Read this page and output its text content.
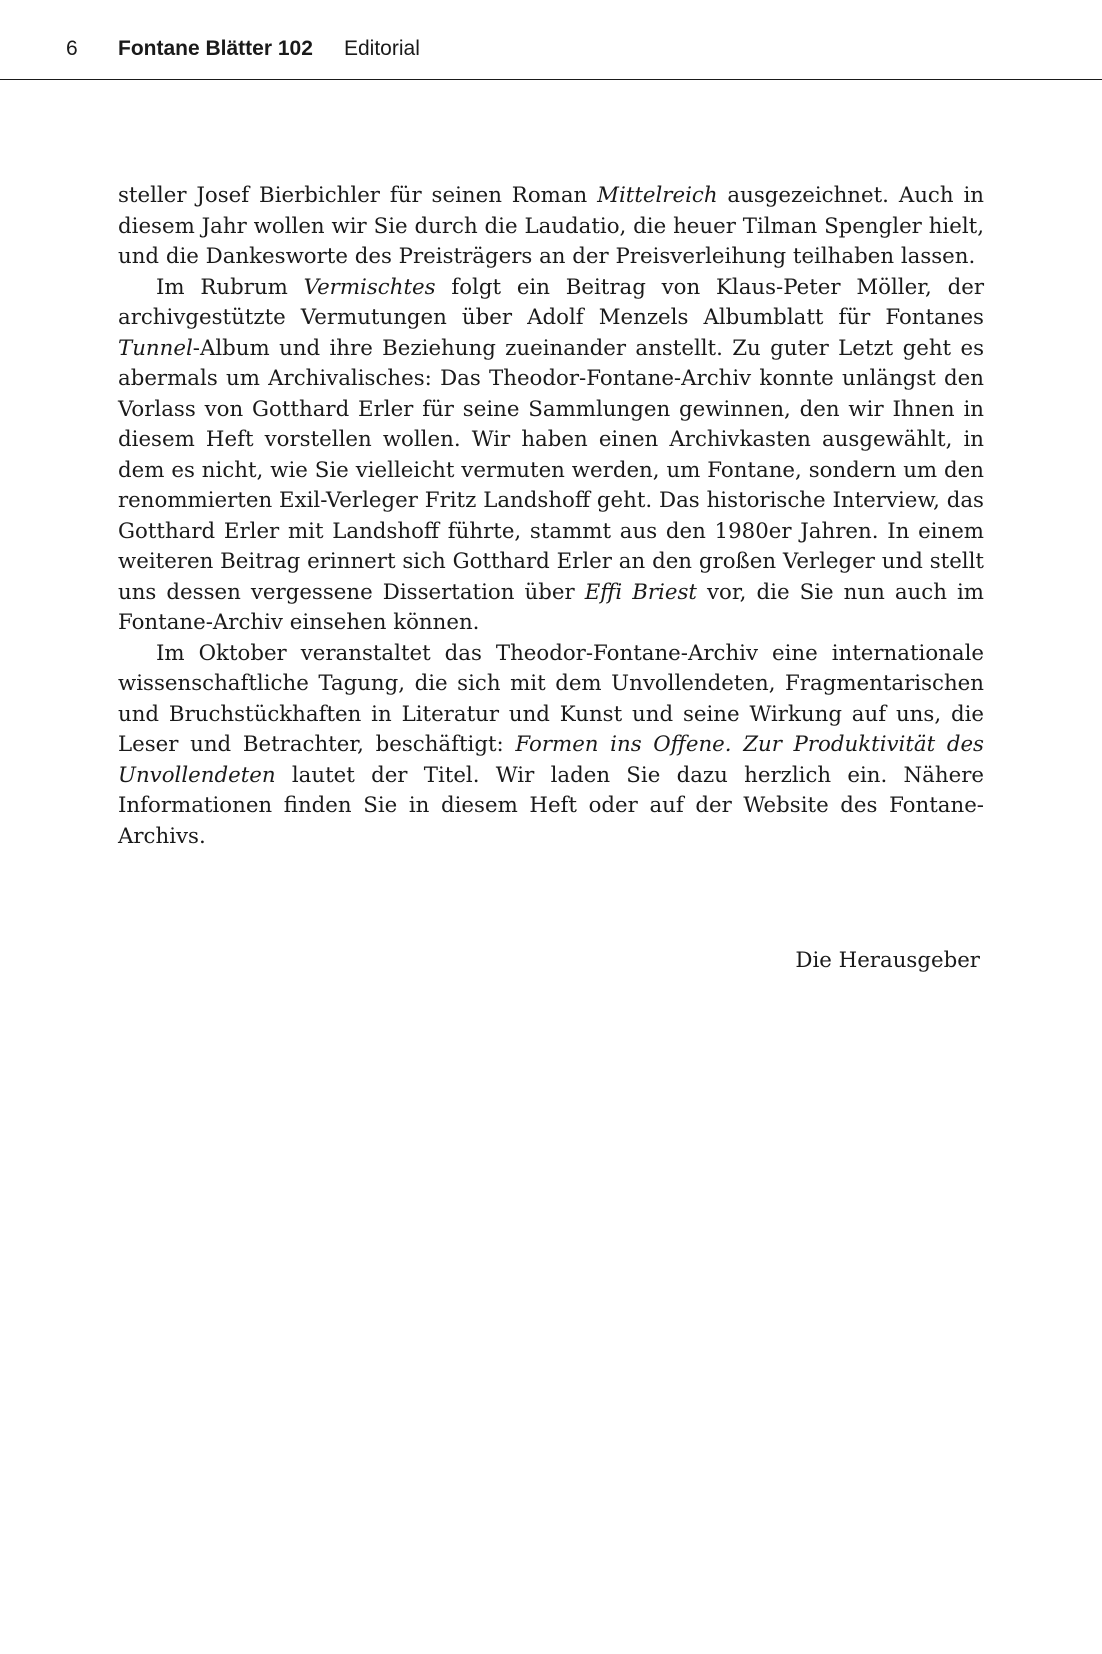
6 Fontane Blätter 102 Editorial

steller Josef Bierbichler für seinen Roman Mittelreich ausgezeichnet. Auch in diesem Jahr wollen wir Sie durch die Laudatio, die heuer Tilman Spengler hielt, und die Dankesworte des Preisträgers an der Preisverleihung teilhaben lassen.

Im Rubrum Vermischtes folgt ein Beitrag von Klaus-Peter Möller, der archivgestützte Vermutungen über Adolf Menzels Albumblatt für Fontanes Tunnel-Album und ihre Beziehung zueinander anstellt. Zu guter Letzt geht es abermals um Archivalisches: Das Theodor-Fontane-Archiv konnte unlängst den Vorlass von Gotthard Erler für seine Sammlungen gewinnen, den wir Ihnen in diesem Heft vorstellen wollen. Wir haben einen Archivkasten ausgewählt, in dem es nicht, wie Sie vielleicht vermuten werden, um Fontane, sondern um den renommierten Exil-Verleger Fritz Landshoff geht. Das historische Interview, das Gotthard Erler mit Landshoff führte, stammt aus den 1980er Jahren. In einem weiteren Beitrag erinnert sich Gotthard Erler an den großen Verleger und stellt uns dessen vergessene Dissertation über Effi Briest vor, die Sie nun auch im Fontane-Archiv einsehen können.

Im Oktober veranstaltet das Theodor-Fontane-Archiv eine internationale wissenschaftliche Tagung, die sich mit dem Unvollendeten, Fragmentarischen und Bruchstückhaften in Literatur und Kunst und seine Wirkung auf uns, die Leser und Betrachter, beschäftigt: Formen ins Offene. Zur Produktivität des Unvollendeten lautet der Titel. Wir laden Sie dazu herzlich ein. Nähere Informationen finden Sie in diesem Heft oder auf der Website des Fontane-Archivs.

Die Herausgeber
